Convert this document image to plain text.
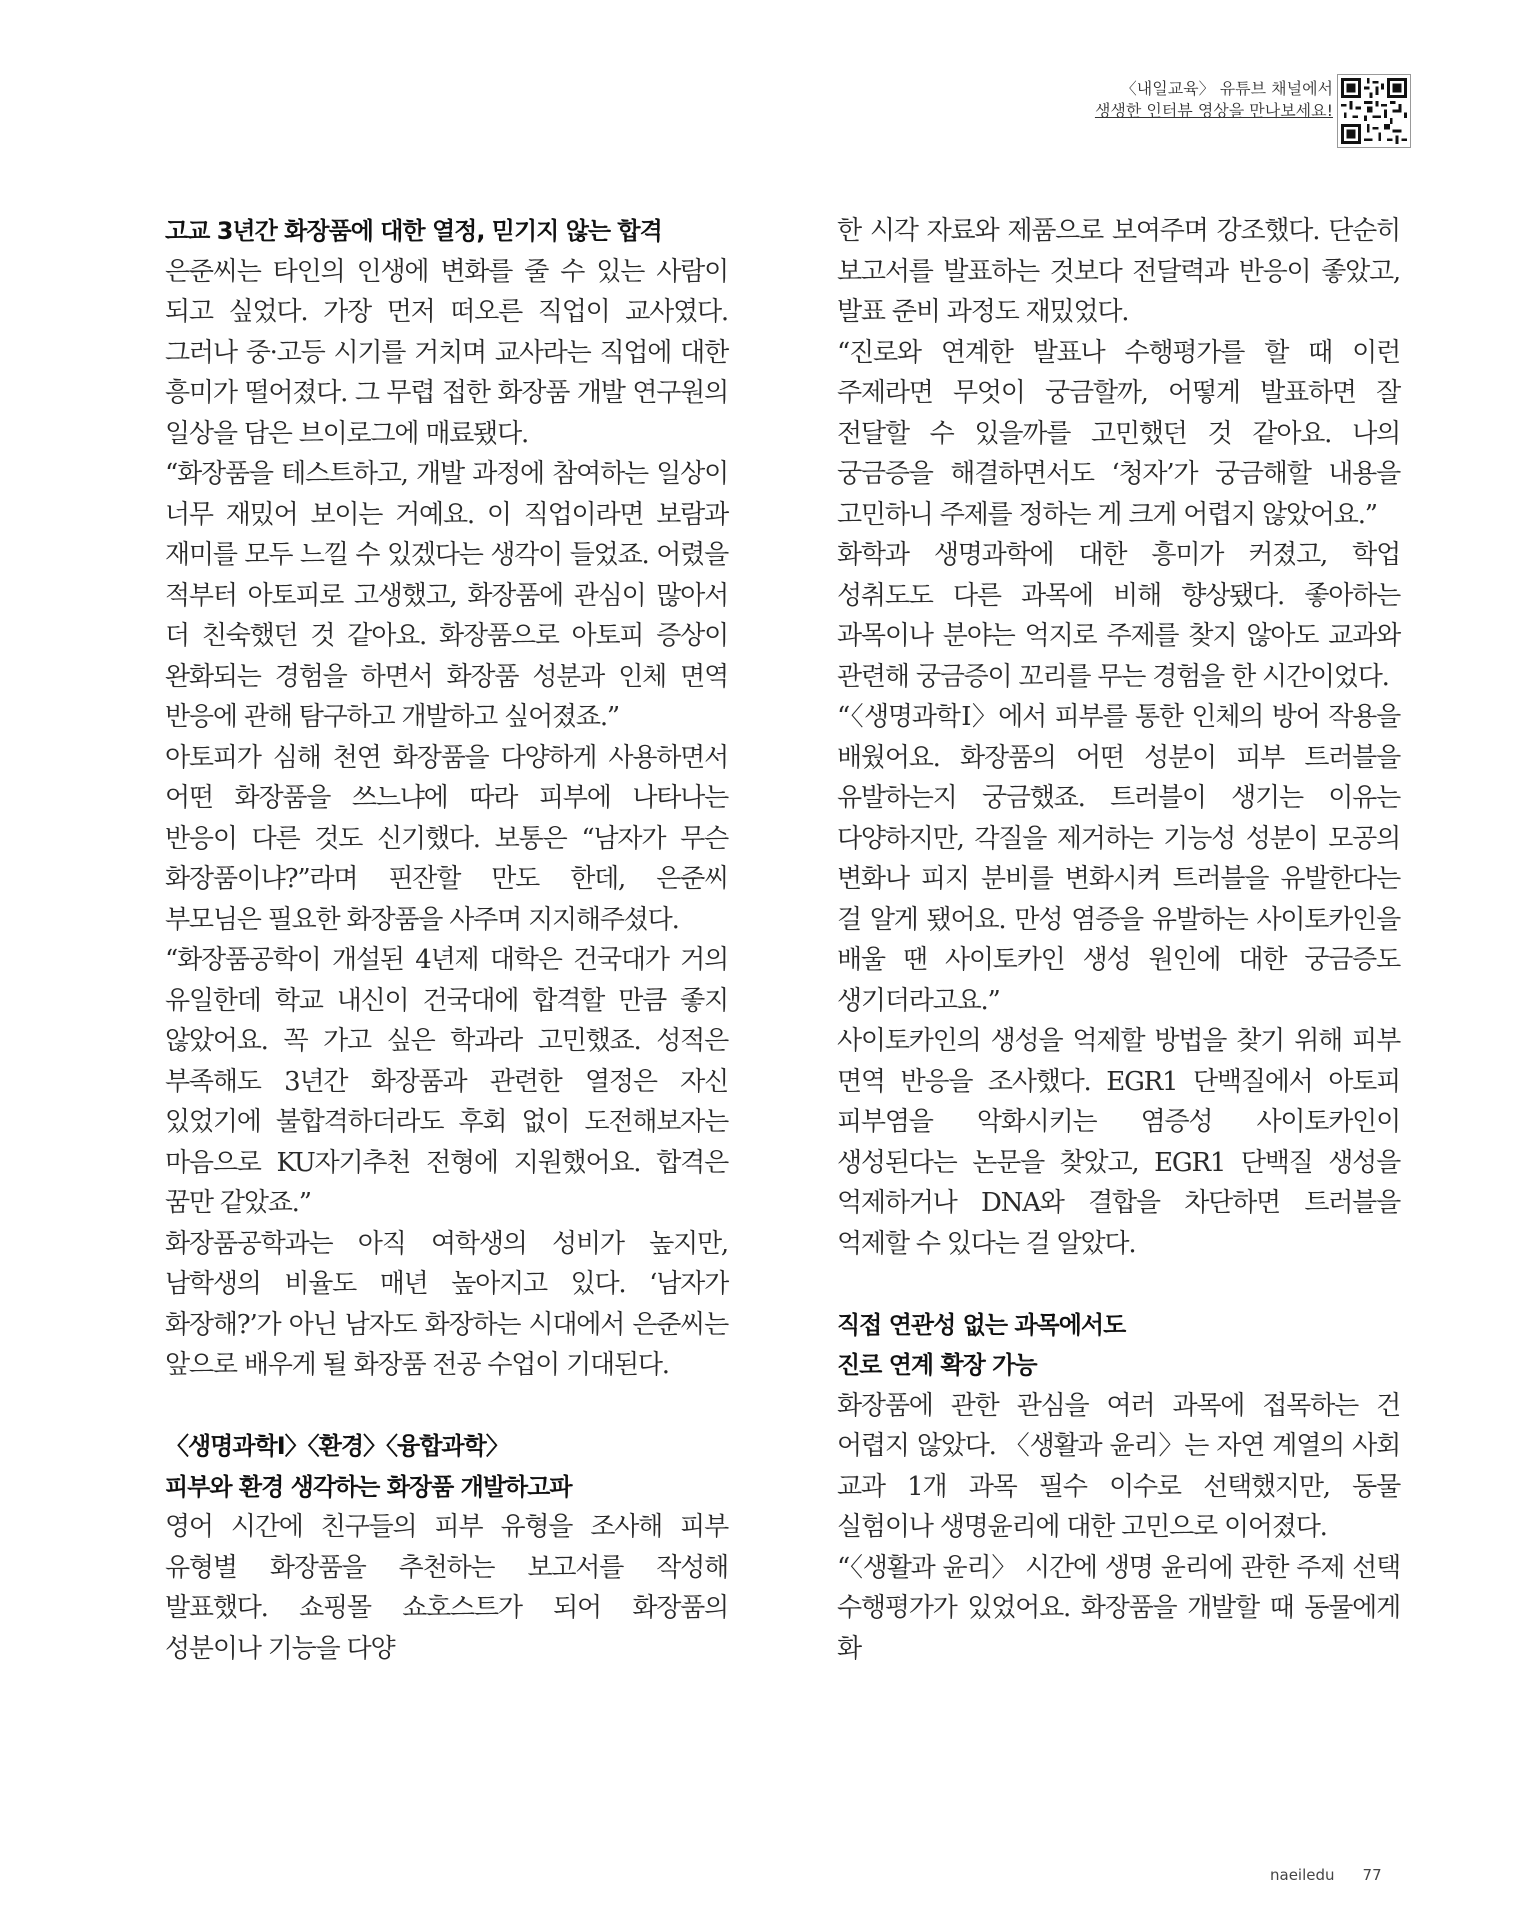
〈내일교육〉 유튜브 채널에서
생생한 인터뷰 영상을 만나보세요!
고교 3년간 화장품에 대한 열정, 믿기지 않는 합격

은준씨는 타인의 인생에 변화를 줄 수 있는 사람이 되고 싶었다. 가장 먼저 떠오른 직업이 교사였다. 그러나 중·고등 시기를 거치며 교사라는 직업에 대한 흥미가 떨어졌다. 그 무렵 접한 화장품 개발 연구원의 일상을 담은 브이로그에 매료됐다.

“화장품을 테스트하고, 개발 과정에 참여하는 일상이 너무 재밌어 보이는 거예요. 이 직업이라면 보람과 재미를 모두 느낄 수 있겠다는 생각이 들었죠. 어렸을 적부터 아토피로 고생했고, 화장품에 관심이 많아서 더 친숙했던 것 같아요. 화장품으로 아토피 증상이 완화되는 경험을 하면서 화장품 성분과 인체 면역 반응에 관해 탐구하고 개발하고 싶어졌죠.”

아토피가 심해 천연 화장품을 다양하게 사용하면서 어떤 화장품을 쓰느냐에 따라 피부에 나타나는 반응이 다른 것도 신기했다. 보통은 “남자가 무슨 화장품이냐?”라며 핀잔할 만도 한데, 은준씨 부모님은 필요한 화장품을 사주며 지지해주셨다.

“화장품공학이 개설된 4년제 대학은 건국대가 거의 유일한데 학교 내신이 건국대에 합격할 만큼 좋지 않았어요. 꼭 가고 싶은 학과라 고민했죠. 성적은 부족해도 3년간 화장품과 관련한 열정은 자신 있었기에 불합격하더라도 후회 없이 도전해보자는 마음으로 KU자기추천 전형에 지원했어요. 합격은 꿈만 같았죠.”

화장품공학과는 아직 여학생의 성비가 높지만, 남학생의 비율도 매년 높아지고 있다. ‘남자가 화장해?’가 아닌 남자도 화장하는 시대에서 은준씨는 앞으로 배우게 될 화장품 전공 수업이 기대된다.

〈생명과학Ⅰ〉〈환경〉〈융합과학〉
피부와 환경 생각하는 화장품 개발하고파

영어 시간에 친구들의 피부 유형을 조사해 피부 유형별 화장품을 추천하는 보고서를 작성해 발표했다. 쇼핑몰 쇼호스트가 되어 화장품의 성분이나 기능을 다양

한 시각 자료와 제품으로 보여주며 강조했다. 단순히 보고서를 발표하는 것보다 전달력과 반응이 좋았고, 발표 준비 과정도 재밌었다.

“진로와 연계한 발표나 수행평가를 할 때 이런 주제라면 무엇이 궁금할까, 어떻게 발표하면 잘 전달할 수 있을까를 고민했던 것 같아요. 나의 궁금증을 해결하면서도 ‘청자’가 궁금해할 내용을 고민하니 주제를 정하는 게 크게 어렵지 않았어요.”

화학과 생명과학에 대한 흥미가 커졌고, 학업 성취도도 다른 과목에 비해 향상됐다. 좋아하는 과목이나 분야는 억지로 주제를 찾지 않아도 교과와 관련해 궁금증이 꼬리를 무는 경험을 한 시간이었다.

“〈생명과학Ⅰ〉에서 피부를 통한 인체의 방어 작용을 배웠어요. 화장품의 어떤 성분이 피부 트러블을 유발하는지 궁금했죠. 트러블이 생기는 이유는 다양하지만, 각질을 제거하는 기능성 성분이 모공의 변화나 피지 분비를 변화시켜 트러블을 유발한다는 걸 알게 됐어요. 만성 염증을 유발하는 사이토카인을 배울 땐 사이토카인 생성 원인에 대한 궁금증도 생기더라고요.”

사이토카인의 생성을 억제할 방법을 찾기 위해 피부 면역 반응을 조사했다. EGR1 단백질에서 아토피 피부염을 악화시키는 염증성 사이토카인이 생성된다는 논문을 찾았고, EGR1 단백질 생성을 억제하거나 DNA와 결합을 차단하면 트러블을 억제할 수 있다는 걸 알았다.

직접 연관성 없는 과목에서도
진로 연계 확장 가능

화장품에 관한 관심을 여러 과목에 접목하는 건 어렵지 않았다. 〈생활과 윤리〉는 자연 계열의 사회 교과 1개 과목 필수 이수로 선택했지만, 동물 실험이나 생명윤리에 대한 고민으로 이어졌다.

“〈생활과 윤리〉 시간에 생명 윤리에 관한 주제 선택 수행평가가 있었어요. 화장품을 개발할 때 동물에게 화

naeiledu 77
